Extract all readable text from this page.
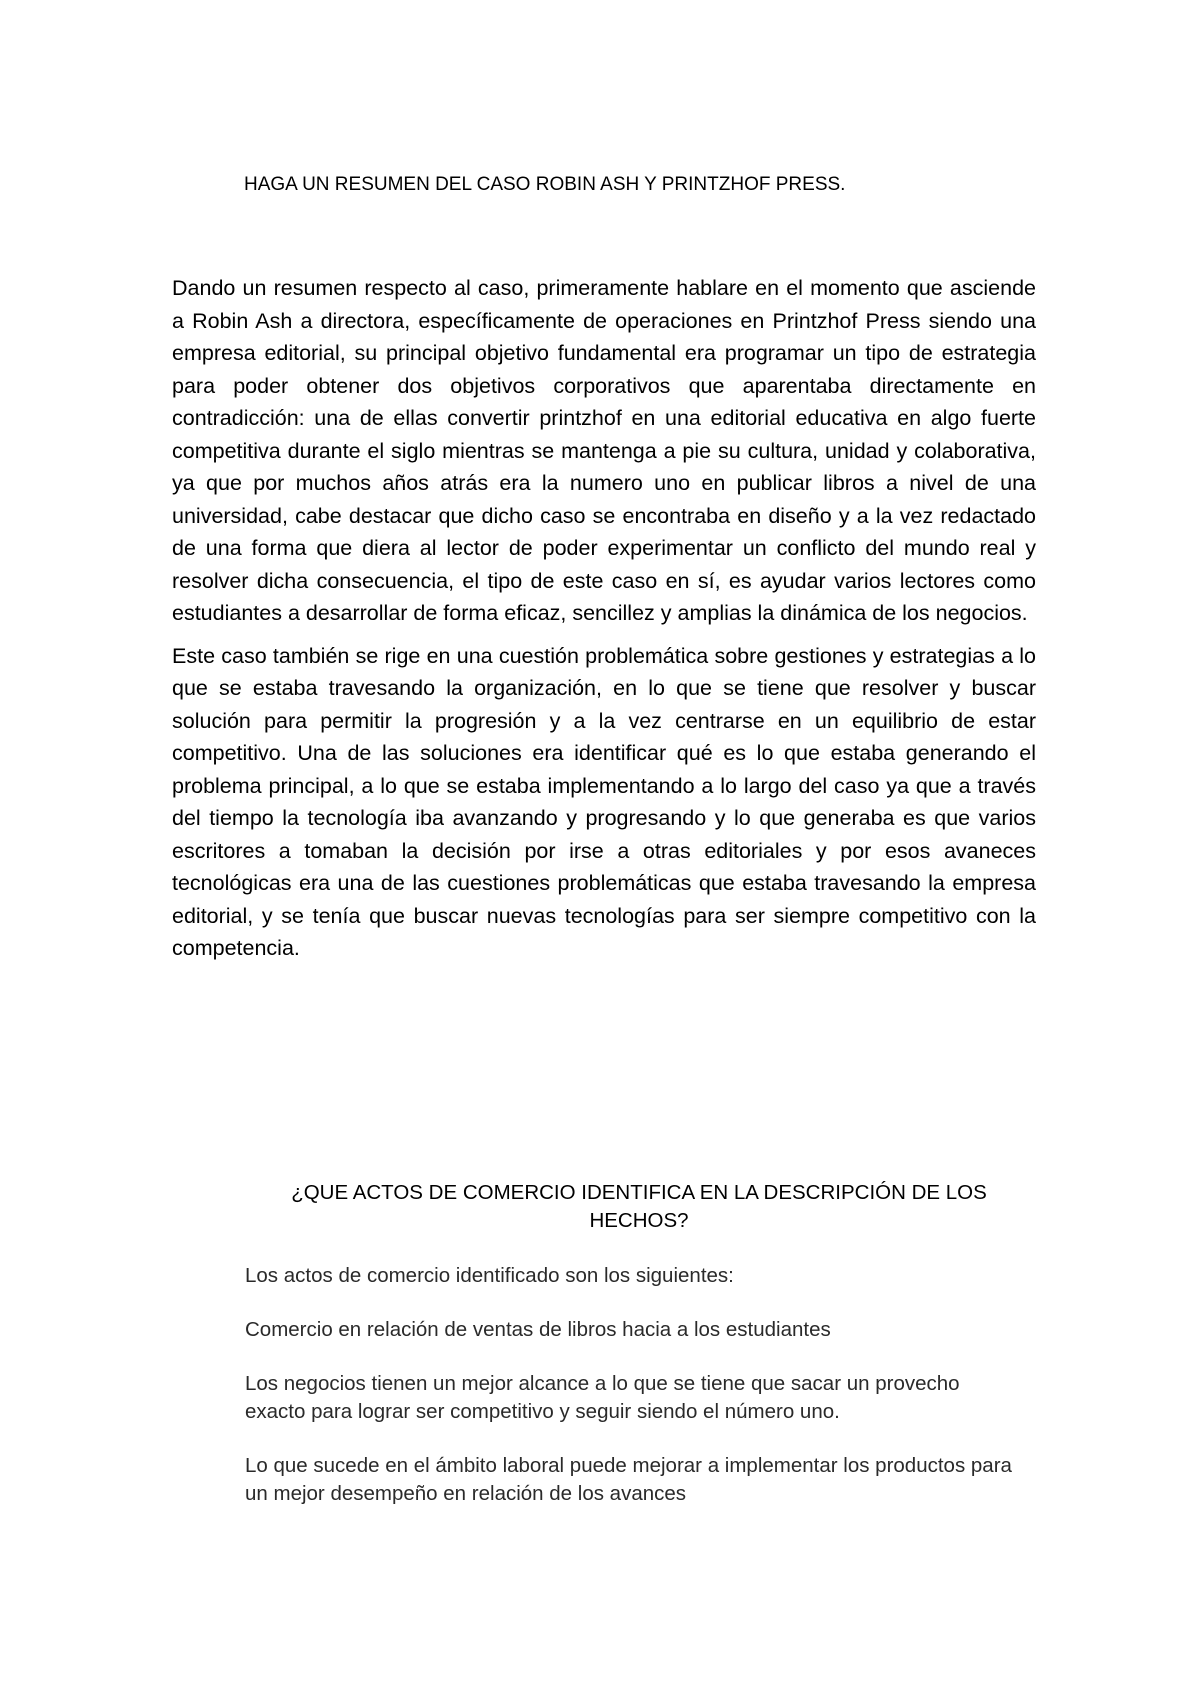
HAGA UN RESUMEN DEL CASO ROBIN ASH Y PRINTZHOF PRESS.

Dando un resumen respecto al caso, primeramente hablare en el momento que asciende a Robin Ash a directora, específicamente de operaciones en Printzhof Press siendo una empresa editorial, su principal objetivo fundamental era programar un tipo de estrategia para poder obtener dos objetivos corporativos que aparentaba directamente en contradicción: una de ellas convertir printzhof en una editorial educativa en algo fuerte competitiva durante el siglo mientras se mantenga a pie su cultura, unidad y colaborativa, ya que por muchos años atrás era la numero uno en publicar libros a nivel de una universidad, cabe destacar que dicho caso se encontraba en diseño y a la vez redactado de una forma que diera al lector de poder experimentar un conflicto del mundo real y resolver dicha consecuencia, el tipo de este caso en sí, es ayudar varios lectores como estudiantes a desarrollar de forma eficaz, sencillez y amplias la dinámica de los negocios.

Este caso también se rige en una cuestión problemática sobre gestiones y estrategias a lo que se estaba travesando la organización, en lo que se tiene que resolver y buscar solución para permitir la progresión y a la vez centrarse en un equilibrio de estar competitivo. Una de las soluciones era identificar qué es lo que estaba generando el problema principal, a lo que se estaba implementando a lo largo del caso ya que a través del tiempo la tecnología iba avanzando y progresando y lo que generaba es que varios escritores a tomaban la decisión por irse a otras editoriales y por esos avaneces tecnológicas era una de las cuestiones problemáticas que estaba travesando la empresa editorial, y se tenía que buscar nuevas tecnologías para ser siempre competitivo con la competencia.

¿QUE ACTOS DE COMERCIO IDENTIFICA EN LA DESCRIPCIÓN DE LOS HECHOS?

Los actos de comercio identificado son los siguientes:

Comercio en relación de ventas de libros hacia a los estudiantes

Los negocios tienen un mejor alcance a lo que se tiene que sacar un provecho exacto para lograr ser competitivo y seguir siendo el número uno.

Lo que sucede en el ámbito laboral puede mejorar a implementar los productos para un mejor desempeño en relación de los avances
